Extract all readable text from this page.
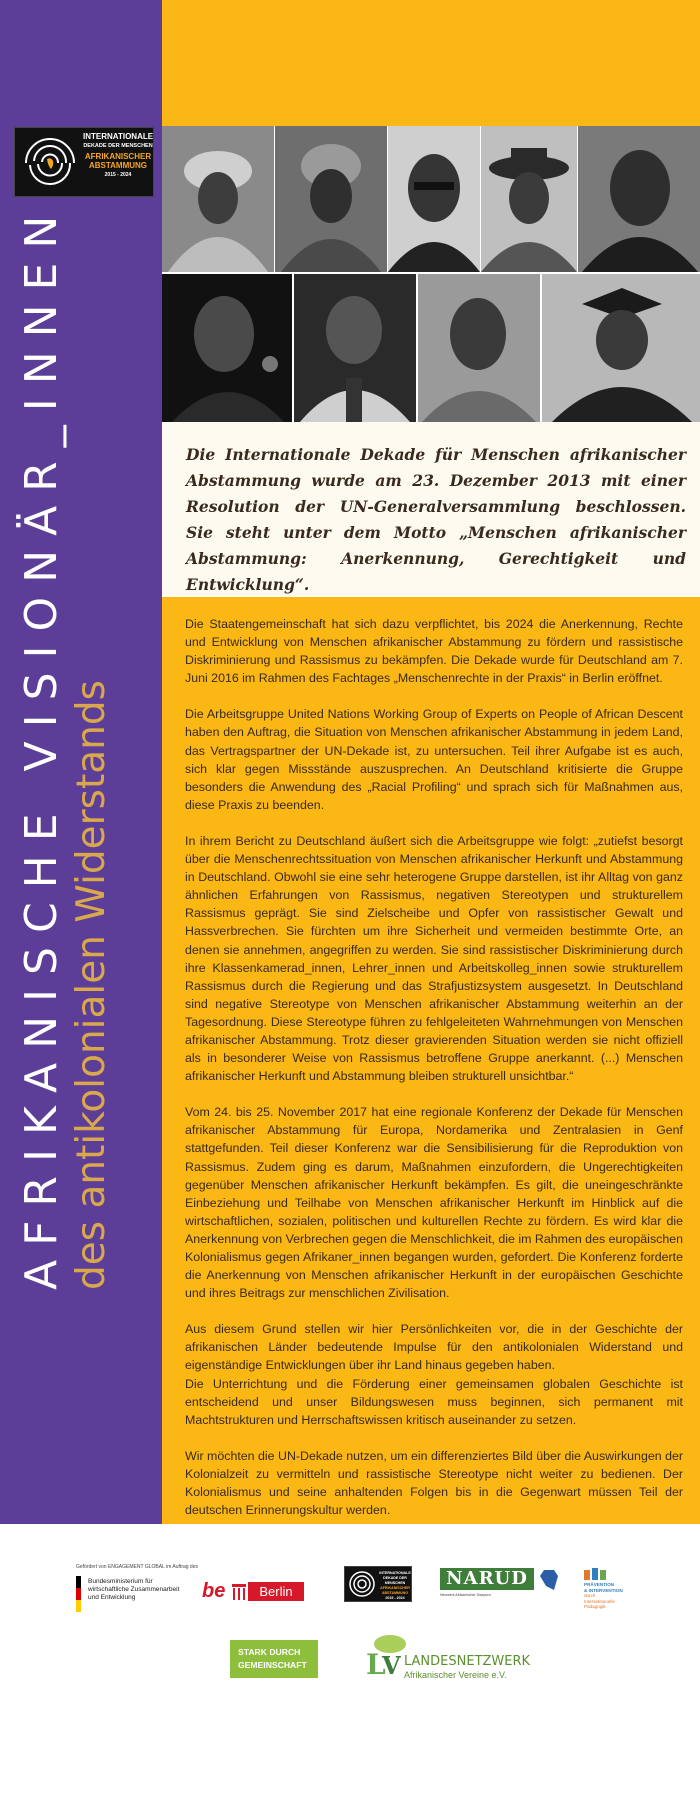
INTERNATIONALE
DEKADE DER MENSCHEN
AFRIKANISCHER
ABSTAMMUNG
2015 - 2024
AFRIKANISCHE VISIONÄR_INNEN des antikolonialen Widerstands

Die Internationale Dekade für Menschen afrikanischer Abstammung wurde am 23. Dezember 2013 mit einer Resolution der UN-Generalversammlung beschlossen. Sie steht unter dem Motto „Menschen afrikanischer Abstammung: Anerkennung, Gerechtigkeit und Entwicklung“.

Die Staatengemeinschaft hat sich dazu verpflichtet, bis 2024 die Anerkennung, Rechte und Entwicklung von Menschen afrikanischer Abstammung zu fördern und rassistische Diskriminierung und Rassismus zu bekämpfen. Die Dekade wurde für Deutschland am 7. Juni 2016 im Rahmen des Fachtages „Menschenrechte in der Praxis“ in Berlin eröffnet.

Die Arbeitsgruppe United Nations Working Group of Experts on People of African Descent haben den Auftrag, die Situation von Menschen afrikanischer Abstammung in jedem Land, das Vertragspartner der UN-Dekade ist, zu untersuchen. Teil ihrer Aufgabe ist es auch, sich klar gegen Missstände auszusprechen. An Deutschland kritisierte die Gruppe besonders die Anwendung des „Racial Profiling“ und sprach sich für Maßnahmen aus, diese Praxis zu beenden.

In ihrem Bericht zu Deutschland äußert sich die Arbeitsgruppe wie folgt: „zutiefst besorgt über die Menschenrechtssituation von Menschen afrikanischer Herkunft und Abstammung in Deutschland. Obwohl sie eine sehr heterogene Gruppe darstellen, ist ihr Alltag von ganz ähnlichen Erfahrungen von Rassismus, negativen Stereotypen und strukturellem Rassismus geprägt. Sie sind Zielscheibe und Opfer von rassistischer Gewalt und Hassverbrechen. Sie fürchten um ihre Sicherheit und vermeiden bestimmte Orte, an denen sie annehmen, angegriffen zu werden. Sie sind rassistischer Diskriminierung durch ihre Klassenkamerad_innen, Lehrer_innen und Arbeitskolleg_innen sowie strukturellem Rassismus durch die Regierung und das Strafjustizsystem ausgesetzt. In Deutschland sind negative Stereotype von Menschen afrikanischer Abstammung weiterhin an der Tagesordnung. Diese Stereotype führen zu fehlgeleiteten Wahrnehmungen von Menschen afrikanischer Abstammung. Trotz dieser gravierenden Situation werden sie nicht offiziell als in besonderer Weise von Rassismus betroffene Gruppe anerkannt. (...) Menschen afrikanischer Herkunft und Abstammung bleiben strukturell unsichtbar.“

Vom 24. bis 25. November 2017 hat eine regionale Konferenz der Dekade für Menschen afrikanischer Abstammung für Europa, Nordamerika und Zentralasien in Genf stattgefunden. Teil dieser Konferenz war die Sensibilisierung für die Reproduktion von Rassismus. Zudem ging es darum, Maßnahmen einzufordern, die Ungerechtigkeiten gegenüber Menschen afrikanischer Herkunft bekämpfen. Es gilt, die uneingeschränkte Einbeziehung und Teilhabe von Menschen afrikanischer Herkunft im Hinblick auf die wirtschaftlichen, sozialen, politischen und kulturellen Rechte zu fördern. Es wird klar die Anerkennung von Verbrechen gegen die Menschlichkeit, die im Rahmen des europäischen Kolonialismus gegen Afrikaner_innen begangen wurden, gefordert. Die Konferenz forderte die Anerkennung von Menschen afrikanischer Herkunft in der europäischen Geschichte und ihres Beitrags zur menschlichen Zivilisation.

Aus diesem Grund stellen wir hier Persönlichkeiten vor, die in der Geschichte der afrikanischen Länder bedeutende Impulse für den antikolonialen Widerstand und eigenständige Entwicklungen über ihr Land hinaus gegeben haben.
Die Unterrichtung und die Förderung einer gemeinsamen globalen Geschichte ist entscheidend und unser Bildungswesen muss beginnen, sich permanent mit Machtstrukturen und Herrschaftswissen kritisch auseinander zu setzen.

Wir möchten die UN-Dekade nutzen, um ein differenziertes Bild über die Auswirkungen der Kolonialzeit zu vermitteln und rassistische Stereotype nicht weiter zu bedienen. Der Kolonialismus und seine anhaltenden Folgen bis in die Gegenwart müssen Teil der deutschen Erinnerungskultur werden.

Gefördert von ENGAGEMENT GLOBAL im Auftrag des
Bundesministerium für
wirtschaftliche Zusammenarbeit
und Entwicklung	be	Berlin
INTERNATIONALE
DEKADE DER MENSCHEN
AFRIKANISCHER
ABSTAMMUNG
2015 - 2024
NARUD
Netzwerk Afrikanischer Diaspora
PRÄVENTION
& INTERVENTION
durch
Intersektionelle
Pädagogik
STARK DURCH
GEMEINSCHAFT L
V LANDESNETZWERK
Afrikanischer Vereine e.V.
